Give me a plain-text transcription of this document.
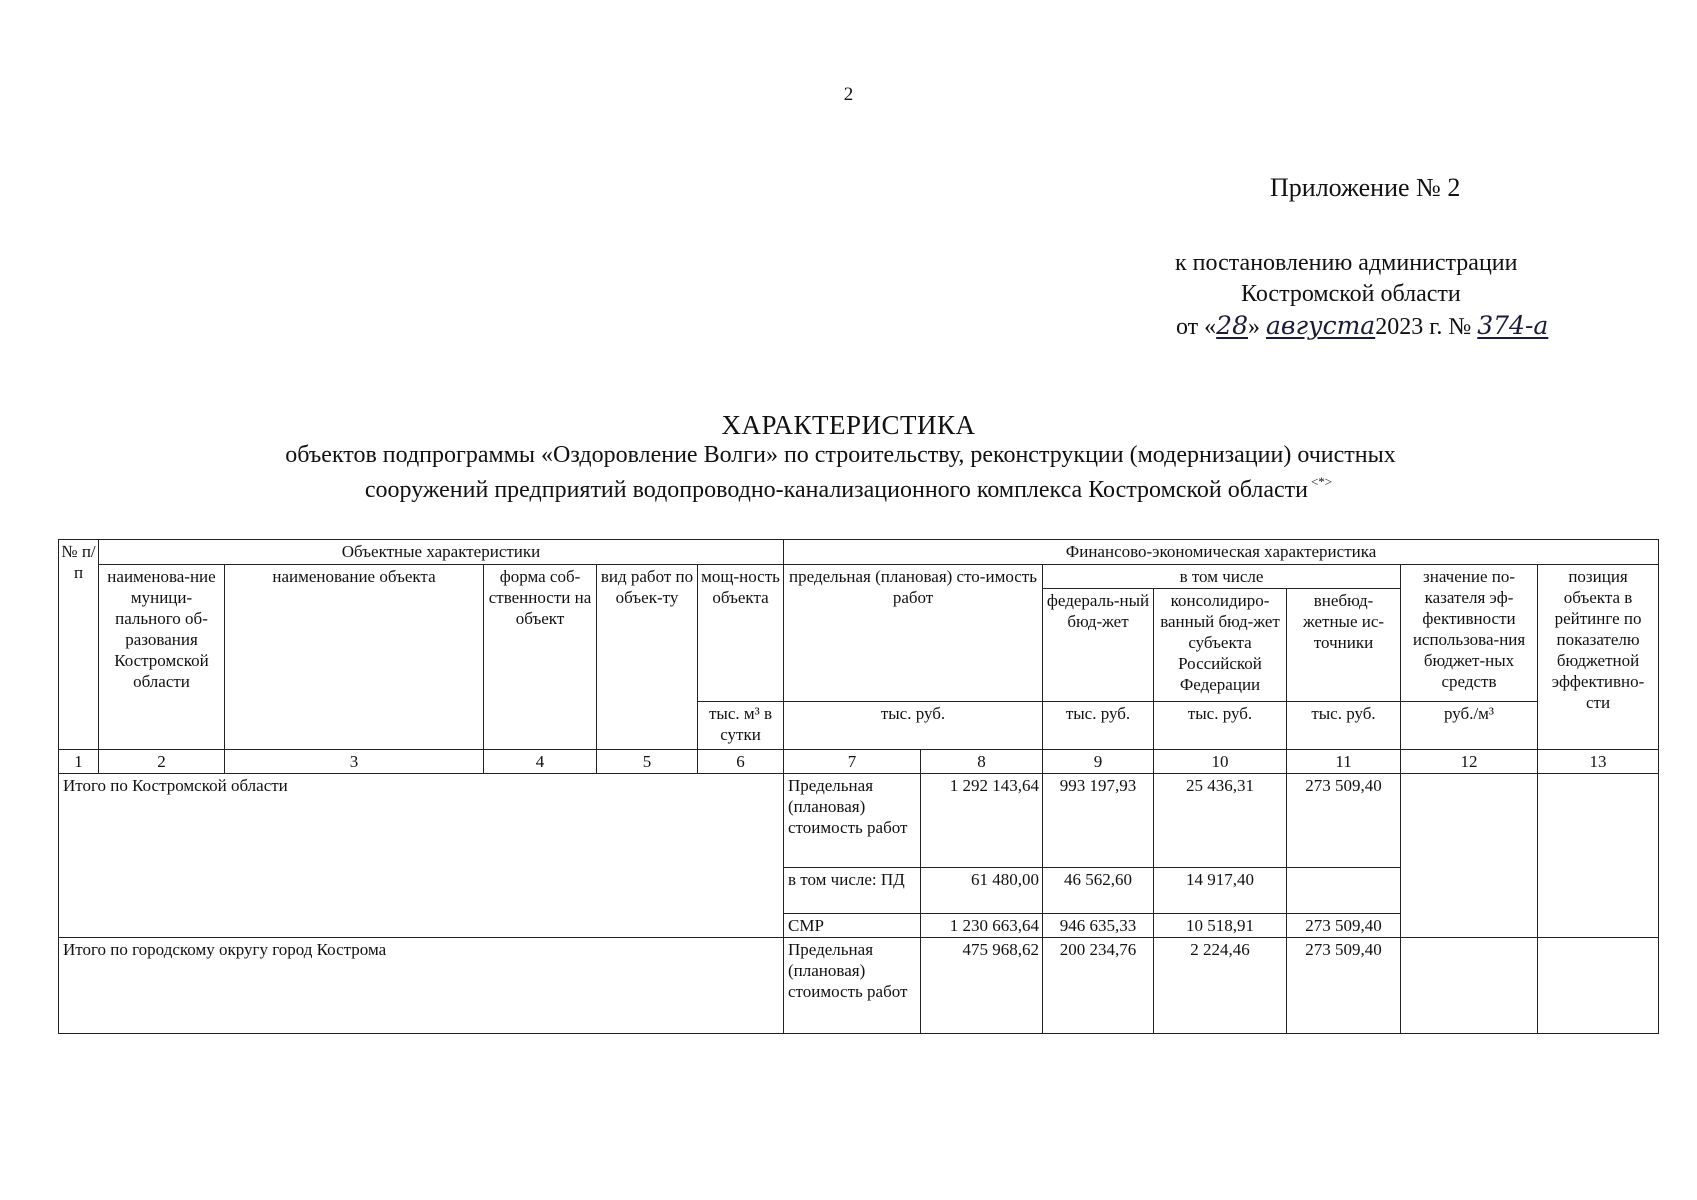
2
Приложение № 2
к постановлению администрации
Костромской области
от «28» августа2023 г. № 374-а
ХАРАКТЕРИСТИКА
объектов подпрограммы «Оздоровление Волги» по строительству, реконструкции (модернизации) очистных
сооружений предприятий водопроводно-канализационного комплекса Костромской области <*>
№ п/п	Объектные характеристики					Финансово-экономическая характеристика						
	наименова-ние муници-пального об-разования Костромской области	наименование объекта	форма соб-ственности на объект	вид работ по объек-ту	мощ-ность объекта	предельная (плановая) сто-имость работ		в том числе			значение по-казателя эф-фективности использова-ния бюджет-ных средств	позиция объекта в рейтинге по показателю бюджетной эффективно-сти
								федераль-ный бюд-жет	консолидиро-ванный бюд-жет субъекта Российской Федерации	внебюд-жетные ис-точники		
					тыс. м³ в сутки	тыс. руб.		тыс. руб.	тыс. руб.	тыс. руб.	руб./м³	
1	2	3	4	5	6	7	8	9	10	11	12	13
Итого по Костромской области						Предельная (плановая) стоимость работ	1 292 143,64	993 197,93	25 436,31	273 509,40		
						в том числе: ПД	61 480,00	46 562,60	14 917,40			
						СМР	1 230 663,64	946 635,33	10 518,91	273 509,40		
Итого по городскому округу город Кострома						Предельная (плановая) стоимость работ	475 968,62	200 234,76	2 224,46	273 509,40		
